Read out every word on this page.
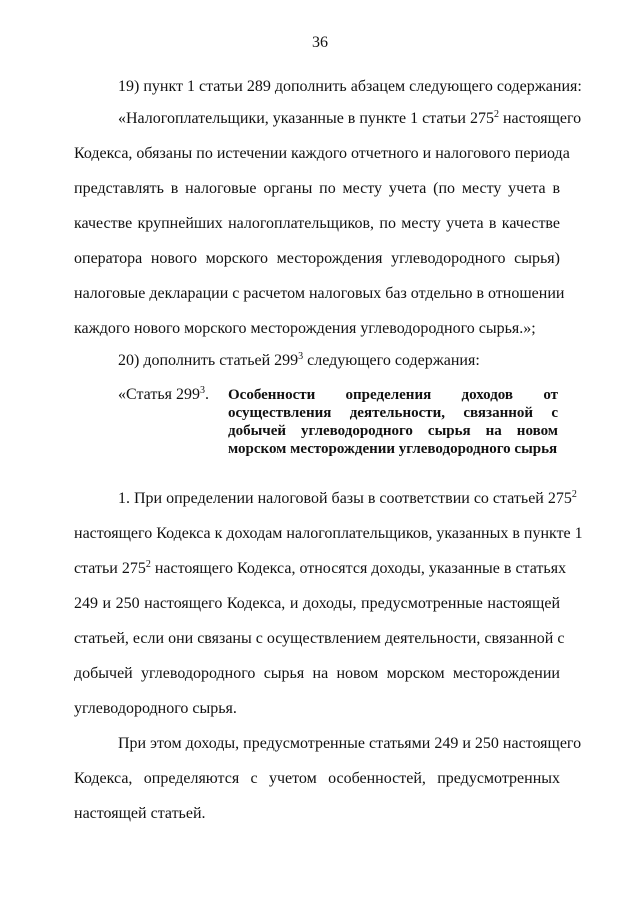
36
19) пункт 1 статьи 289 дополнить абзацем следующего содержания:
«Налогоплательщики, указанные в пункте 1 статьи $275^2$ настоящего
Кодекса, обязаны по истечении каждого отчетного и налогового периода
представлять в налоговые органы по месту учета (по месту учета в
качестве крупнейших налогоплательщиков, по месту учета в качестве
оператора нового морского месторождения углеводородного сырья)
налоговые декларации с расчетом налоговых баз отдельно в отношении
каждого нового морского месторождения углеводородного сырья.»;
20) дополнить статьей $299^3$ следующего содержания:
«Статья $299^3$. Особенности определения доходов от
осуществления деятельности, связанной с
добычей углеводородного сырья на новом
морском месторождении углеводородного сырья
1. При определении налоговой базы в соответствии со статьей $275^2$
настоящего Кодекса к доходам налогоплательщиков, указанных в пункте 1
статьи $275^2$ настоящего Кодекса, относятся доходы, указанные в статьях
249 и 250 настоящего Кодекса, и доходы, предусмотренные настоящей
статьей, если они связаны с осуществлением деятельности, связанной с
добычей углеводородного сырья на новом морском месторождении
углеводородного сырья.
При этом доходы, предусмотренные статьями 249 и 250 настоящего
Кодекса, определяются с учетом особенностей, предусмотренных
настоящей статьей.
